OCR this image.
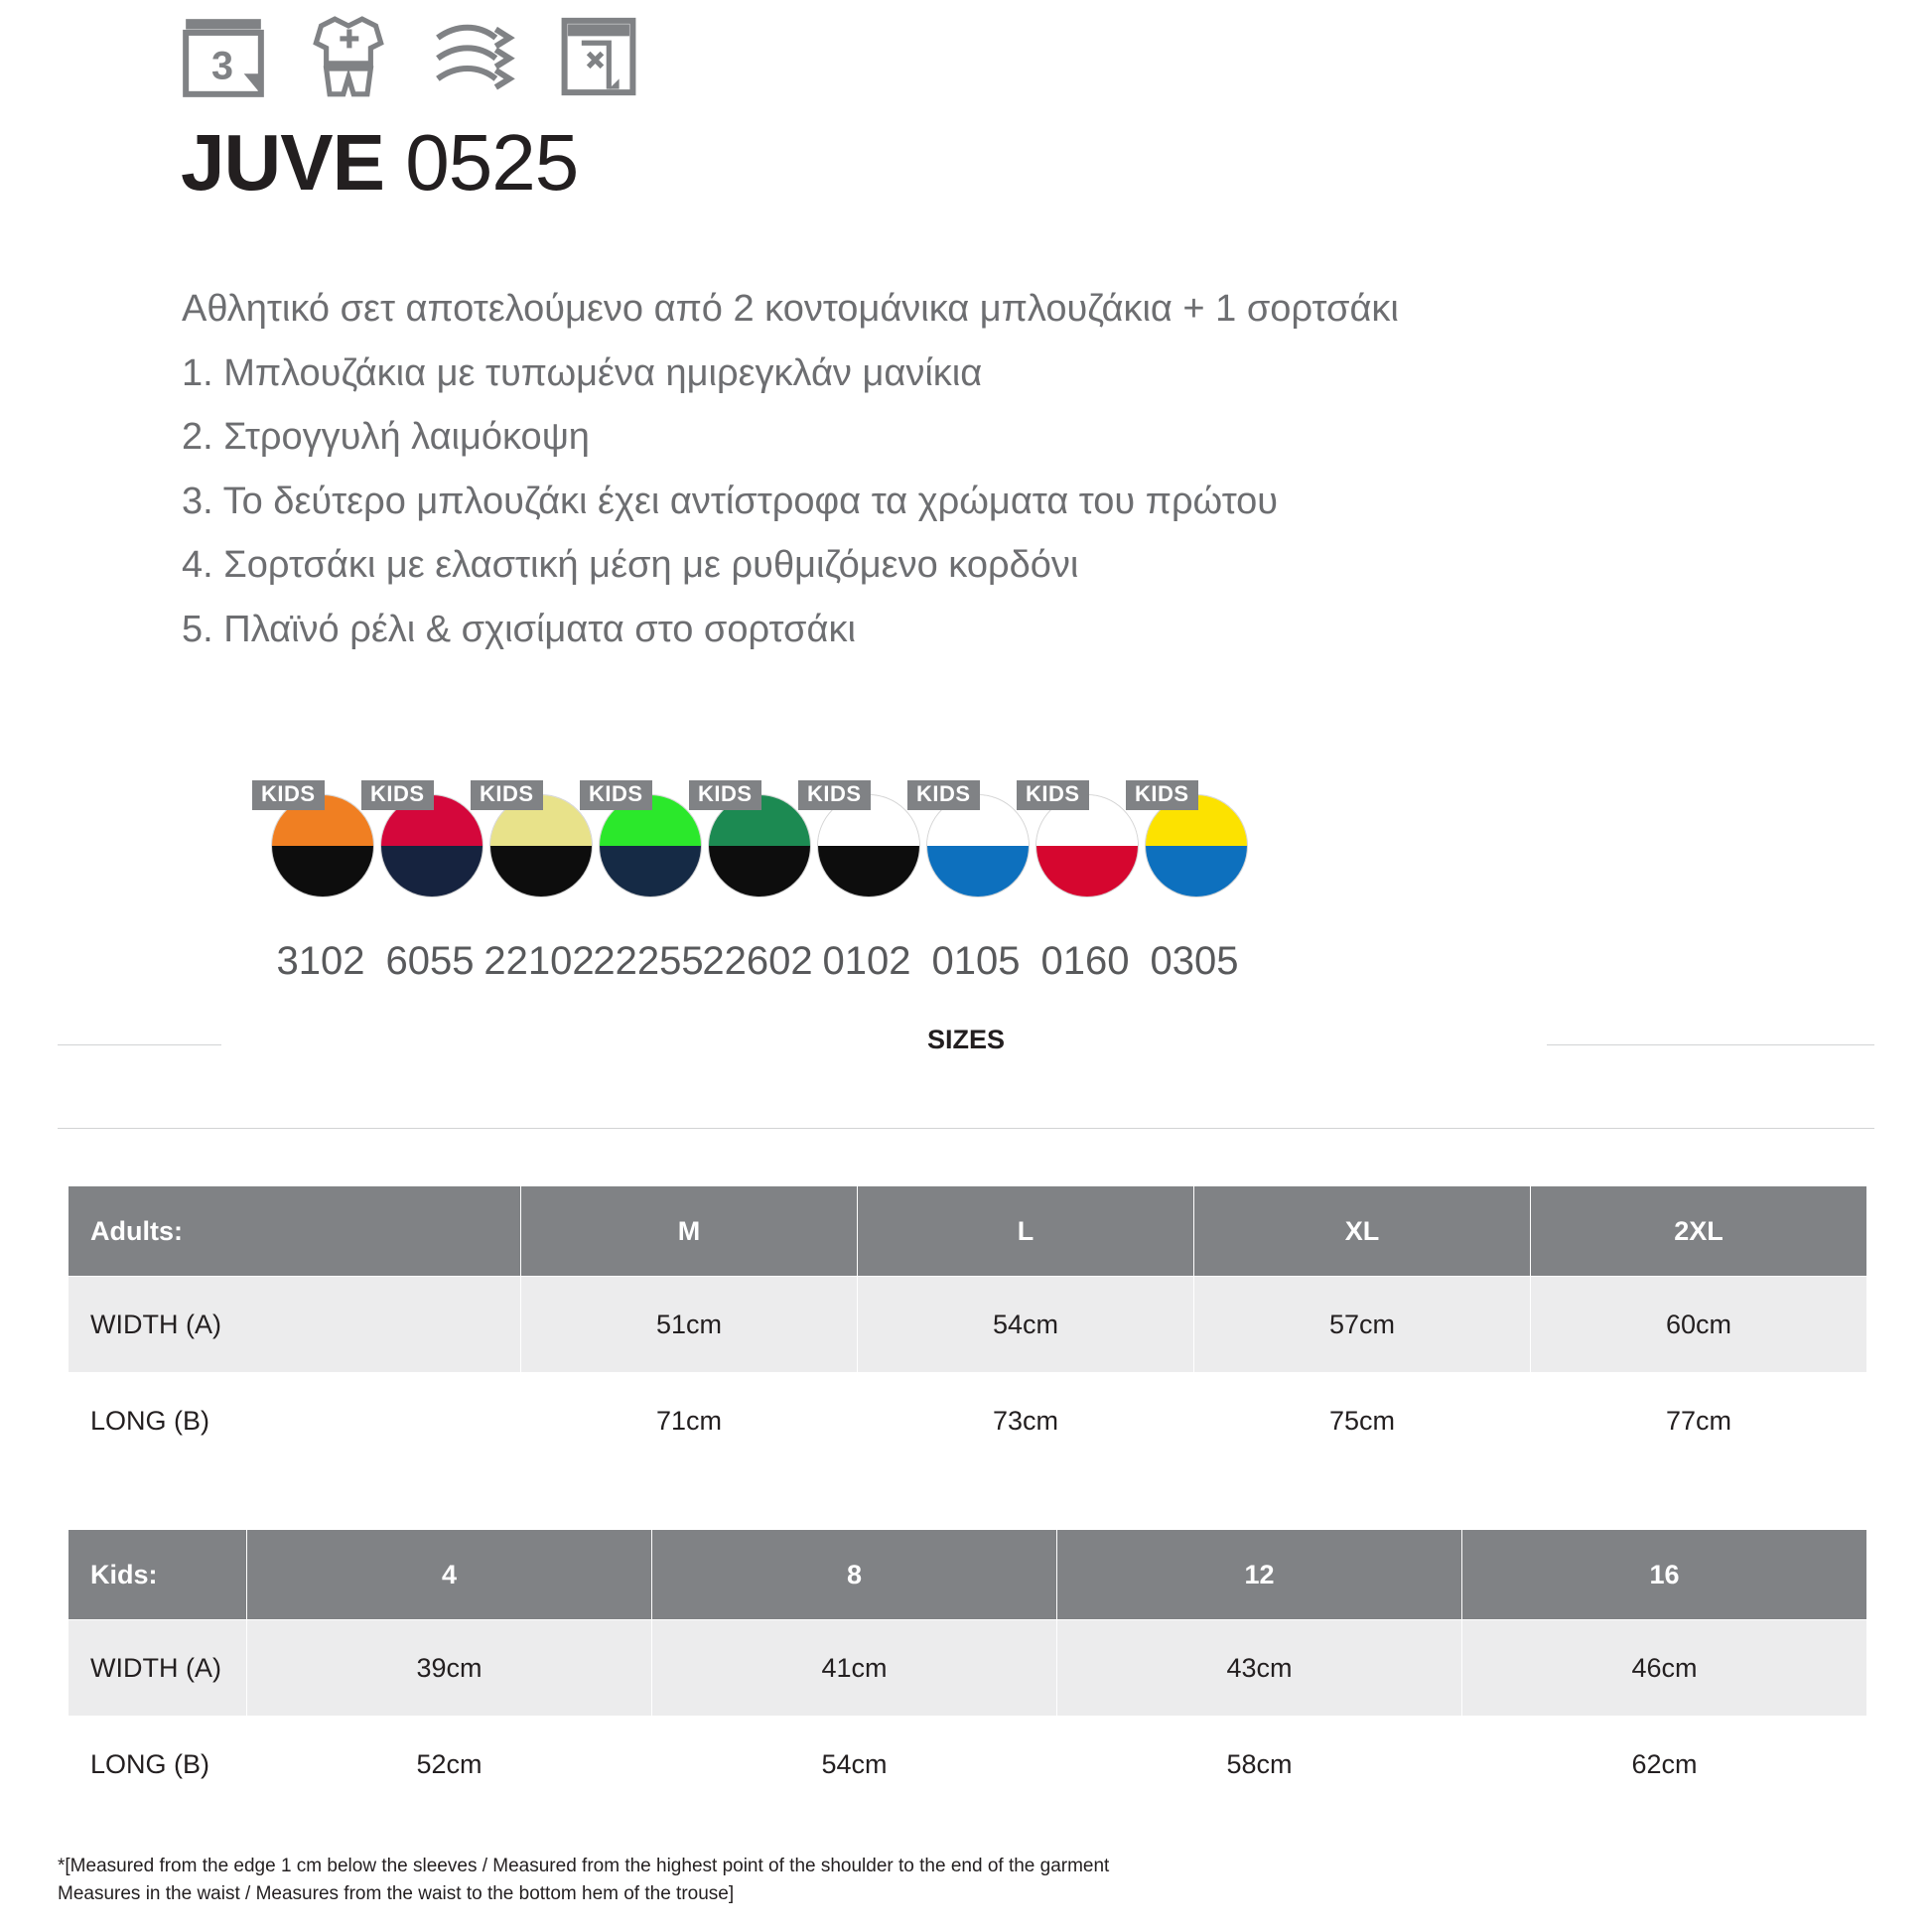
3
JUVE 0525

Αθλητικό σετ αποτελούμενο από 2 κοντομάνικα μπλουζάκια + 1 σορτσάκι

1. Μπλουζάκια με τυπωμένα ημιρεγκλάν μανίκια

2. Στρογγυλή λαιμόκοψη

3. Το δεύτερο μπλουζάκι έχει αντίστροφα τα χρώματα του πρώτου

4. Σορτσάκι με ελαστική μέση με ρυθμιζόμενο κορδόνι

5. Πλαϊνό ρέλι & σχισίματα στο σορτσάκι

KIDS
3102
KIDS
6055
KIDS
22102
KIDS
22255
KIDS
22602
KIDS
0102
KIDS
0105
KIDS
0160
KIDS
0305
SIZES
Adults:	M	L	XL	2XL
WIDTH (A)	51cm	54cm	57cm	60cm
LONG (B)	71cm	73cm	75cm	77cm
Kids:	4	8	12	16
WIDTH (A)	39cm	41cm	43cm	46cm
LONG (B)	52cm	54cm	58cm	62cm
*[Measured from the edge 1 cm below the sleeves / Measured from the highest point of the shoulder to the end of the garment
Measures in the waist / Measures from the waist to the bottom hem of the trouse]
